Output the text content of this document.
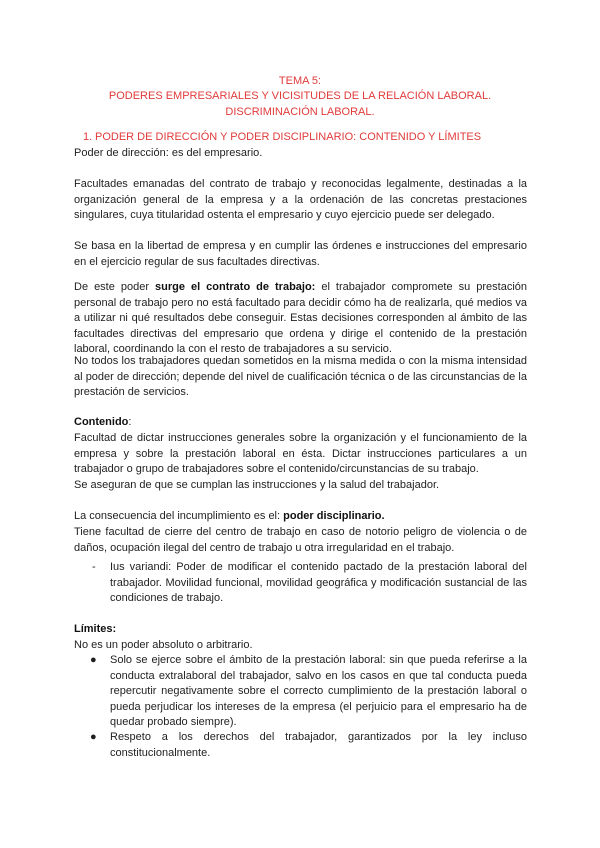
TEMA 5:
PODERES EMPRESARIALES Y VICISITUDES DE LA RELACIÓN LABORAL. DISCRIMINACIÓN LABORAL.
1. PODER DE DIRECCIÓN Y PODER DISCIPLINARIO: CONTENIDO Y LÍMITES
Poder de dirección: es del empresario.
Facultades emanadas del contrato de trabajo y reconocidas legalmente, destinadas a la organización general de la empresa y a la ordenación de las concretas prestaciones singulares, cuya titularidad ostenta el empresario y cuyo ejercicio puede ser delegado.
Se basa en la libertad de empresa y en cumplir las órdenes e instrucciones del empresario en el ejercicio regular de sus facultades directivas.
De este poder surge el contrato de trabajo: el trabajador compromete su prestación personal de trabajo pero no está facultado para decidir cómo ha de realizarla, qué medios va a utilizar ni qué resultados debe conseguir. Estas decisiones corresponden al ámbito de las facultades directivas del empresario que ordena y dirige el contenido de la prestación laboral, coordinando la con el resto de trabajadores a su servicio.
No todos los trabajadores quedan sometidos en la misma medida o con la misma intensidad al poder de dirección; depende del nivel de cualificación técnica o de las circunstancias de la prestación de servicios.
Contenido:
Facultad de dictar instrucciones generales sobre la organización y el funcionamiento de la empresa y sobre la prestación laboral en ésta. Dictar instrucciones particulares a un trabajador o grupo de trabajadores sobre el contenido/circunstancias de su trabajo.
Se aseguran de que se cumplan las instrucciones y la salud del trabajador.
La consecuencia del incumplimiento es el: poder disciplinario.
Tiene facultad de cierre del centro de trabajo en caso de notorio peligro de violencia o de daños, ocupación ilegal del centro de trabajo u otra irregularidad en el trabajo.
- Ius variandi: Poder de modificar el contenido pactado de la prestación laboral del trabajador. Movilidad funcional, movilidad geográfica y modificación sustancial de las condiciones de trabajo.
Límites:
No es un poder absoluto o arbitrario.
● Solo se ejerce sobre el ámbito de la prestación laboral: sin que pueda referirse a la conducta extralaboral del trabajador, salvo en los casos en que tal conducta pueda repercutir negativamente sobre el correcto cumplimiento de la prestación laboral o pueda perjudicar los intereses de la empresa (el perjuicio para el empresario ha de quedar probado siempre).
● Respeto a los derechos del trabajador, garantizados por la ley incluso constitucionalmente.
